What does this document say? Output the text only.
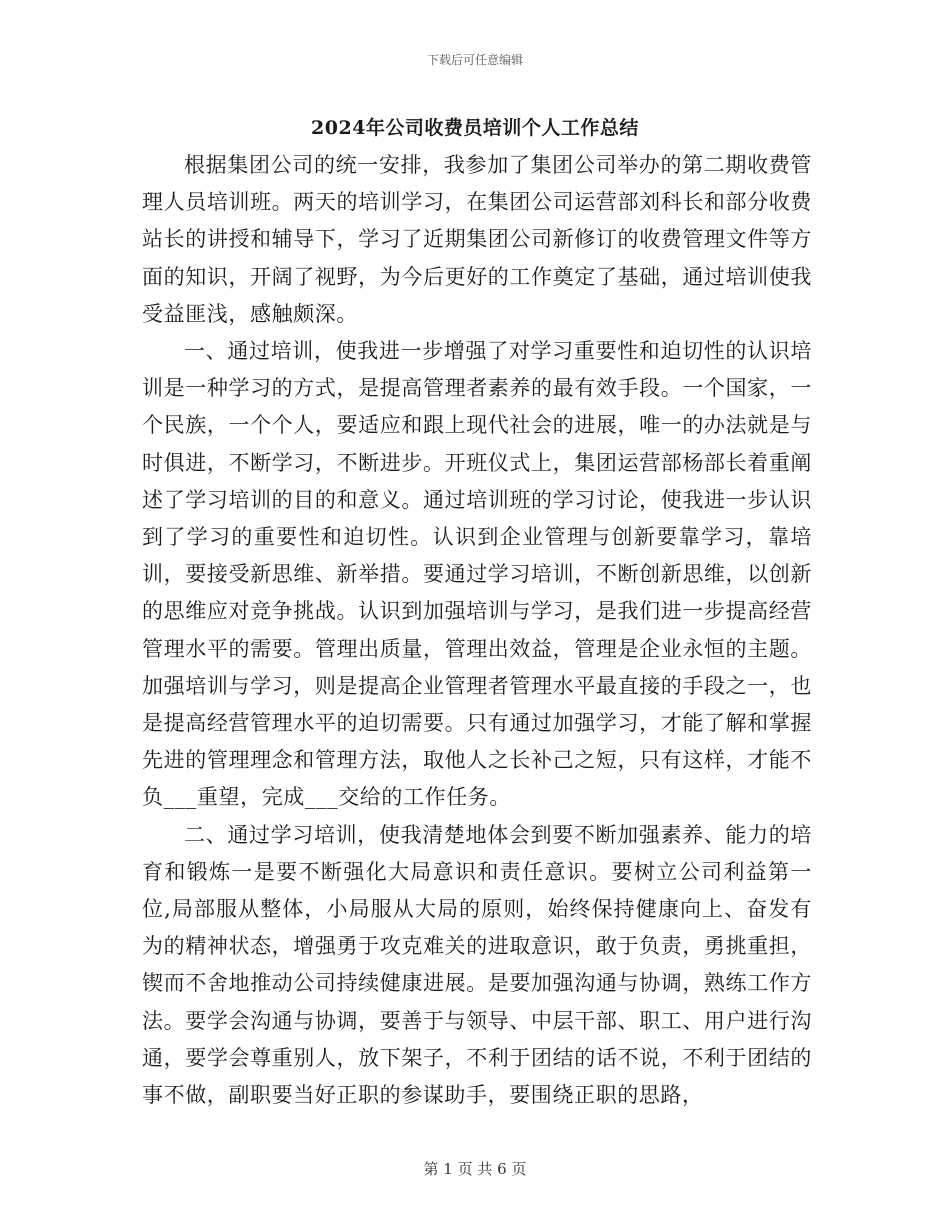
下载后可任意编辑
2024年公司收费员培训个人工作总结

根据集团公司的统一安排，我参加了集团公司举办的第二期收费管理人员培训班。两天的培训学习，在集团公司运营部刘科长和部分收费站长的讲授和辅导下，学习了近期集团公司新修订的收费管理文件等方面的知识，开阔了视野，为今后更好的工作奠定了基础，通过培训使我受益匪浅，感触颇深。

一、通过培训，使我进一步增强了对学习重要性和迫切性的认识培训是一种学习的方式，是提高管理者素养的最有效手段。一个国家，一个民族，一个个人，要适应和跟上现代社会的进展，唯一的办法就是与时俱进，不断学习，不断进步。开班仪式上，集团运营部杨部长着重阐述了学习培训的目的和意义。通过培训班的学习讨论，使我进一步认识到了学习的重要性和迫切性。认识到企业管理与创新要靠学习，靠培训，要接受新思维、新举措。要通过学习培训，不断创新思维，以创新的思维应对竞争挑战。认识到加强培训与学习，是我们进一步提高经营管理水平的需要。管理出质量，管理出效益，管理是企业永恒的主题。加强培训与学习，则是提高企业管理者管理水平最直接的手段之一，也是提高经营管理水平的迫切需要。只有通过加强学习，才能了解和掌握先进的管理理念和管理方法，取他人之长补己之短，只有这样，才能不负___重望，完成___交给的工作任务。

二、通过学习培训，使我清楚地体会到要不断加强素养、能力的培育和锻炼一是要不断强化大局意识和责任意识。要树立公司利益第一位,局部服从整体，小局服从大局的原则，始终保持健康向上、奋发有为的精神状态，增强勇于攻克难关的进取意识，敢于负责，勇挑重担，锲而不舍地推动公司持续健康进展。是要加强沟通与协调，熟练工作方法。要学会沟通与协调，要善于与领导、中层干部、职工、用户进行沟通，要学会尊重别人，放下架子，不利于团结的话不说，不利于团结的事不做，副职要当好正职的参谋助手，要围绕正职的思路，

第 1 页 共 6 页
